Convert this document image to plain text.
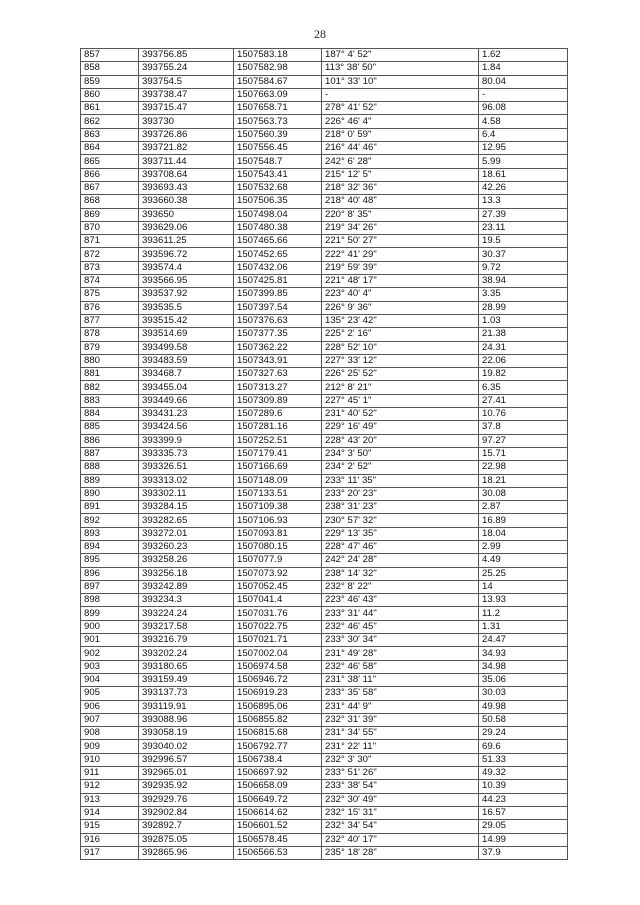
28
857	393756.85	1507583.18	187° 4' 52"	1.62
858	393755.24	1507582.98	113° 38' 50"	1.84
859	393754.5	1507584.67	101° 33' 10"	80.04
860	393738.47	1507663.09	-	-
861	393715.47	1507658.71	278° 41' 52"	96.08
862	393730	1507563.73	226° 46' 4"	4.58
863	393726.86	1507560.39	218° 0' 59"	6.4
864	393721.82	1507556.45	216° 44' 46"	12.95
865	393711.44	1507548.7	242° 6' 28"	5.99
866	393708.64	1507543.41	215° 12' 5"	18.61
867	393693.43	1507532.68	218° 32' 36"	42.26
868	393660.38	1507506.35	218° 40' 48"	13.3
869	393650	1507498.04	220° 8' 35"	27.39
870	393629.06	1507480.38	219° 34' 26"	23.11
871	393611.25	1507465.66	221° 50' 27"	19.5
872	393596.72	1507452.65	222° 41' 29"	30.37
873	393574.4	1507432.06	219° 59' 39"	9.72
874	393566.95	1507425.81	221° 48' 17"	38.94
875	393537.92	1507399.85	223° 40' 4"	3.35
876	393535.5	1507397.54	226° 9' 36"	28.99
877	393515.42	1507376.63	135° 23' 42"	1.03
878	393514.69	1507377.35	225° 2' 16"	21.38
879	393499.58	1507362.22	228° 52' 10"	24.31
880	393483.59	1507343.91	227° 33' 12"	22.06
881	393468.7	1507327.63	226° 25' 52"	19.82
882	393455.04	1507313.27	212° 8' 21"	6.35
883	393449.66	1507309.89	227° 45' 1"	27.41
884	393431.23	1507289.6	231° 40' 52"	10.76
885	393424.56	1507281.16	229° 16' 49"	37.8
886	393399.9	1507252.51	228° 43' 20"	97.27
887	393335.73	1507179.41	234° 3' 50"	15.71
888	393326.51	1507166.69	234° 2' 52"	22.98
889	393313.02	1507148.09	233° 11' 35"	18.21
890	393302.11	1507133.51	233° 20' 23"	30.08
891	393284.15	1507109.38	238° 31' 23"	2.87
892	393282.65	1507106.93	230° 57' 32"	16.89
893	393272.01	1507093.81	229° 13' 35"	18.04
894	393260.23	1507080.15	228° 47' 46"	2.99
895	393258.26	1507077.9	242° 24' 28"	4.49
896	393256.18	1507073.92	238° 14' 32"	25.25
897	393242.89	1507052.45	232° 8' 22"	14
898	393234.3	1507041.4	223° 46' 43"	13.93
899	393224.24	1507031.76	233° 31' 44"	11.2
900	393217.58	1507022.75	232° 46' 45"	1.31
901	393216.79	1507021.71	233° 30' 34"	24.47
902	393202.24	1507002.04	231° 49' 28"	34.93
903	393180.65	1506974.58	232° 46' 58"	34.98
904	393159.49	1506946.72	231° 38' 11"	35.06
905	393137.73	1506919.23	233° 35' 58"	30.03
906	393119.91	1506895.06	231° 44' 9"	49.98
907	393088.96	1506855.82	232° 31' 39"	50.58
908	393058.19	1506815.68	231° 34' 55"	29.24
909	393040.02	1506792.77	231° 22' 11"	69.6
910	392996.57	1506738.4	232° 3' 30"	51.33
911	392965.01	1506697.92	233° 51' 26"	49.32
912	392935.92	1506658.09	233° 38' 54"	10.39
913	392929.76	1506649.72	232° 30' 49"	44.23
914	392902.84	1506614.62	232° 15' 31"	16.57
915	392892.7	1506601.52	232° 34' 54"	29.05
916	392875.05	1506578.45	232° 40' 17"	14.99
917	392865.96	1506566.53	235° 18' 28"	37.9
